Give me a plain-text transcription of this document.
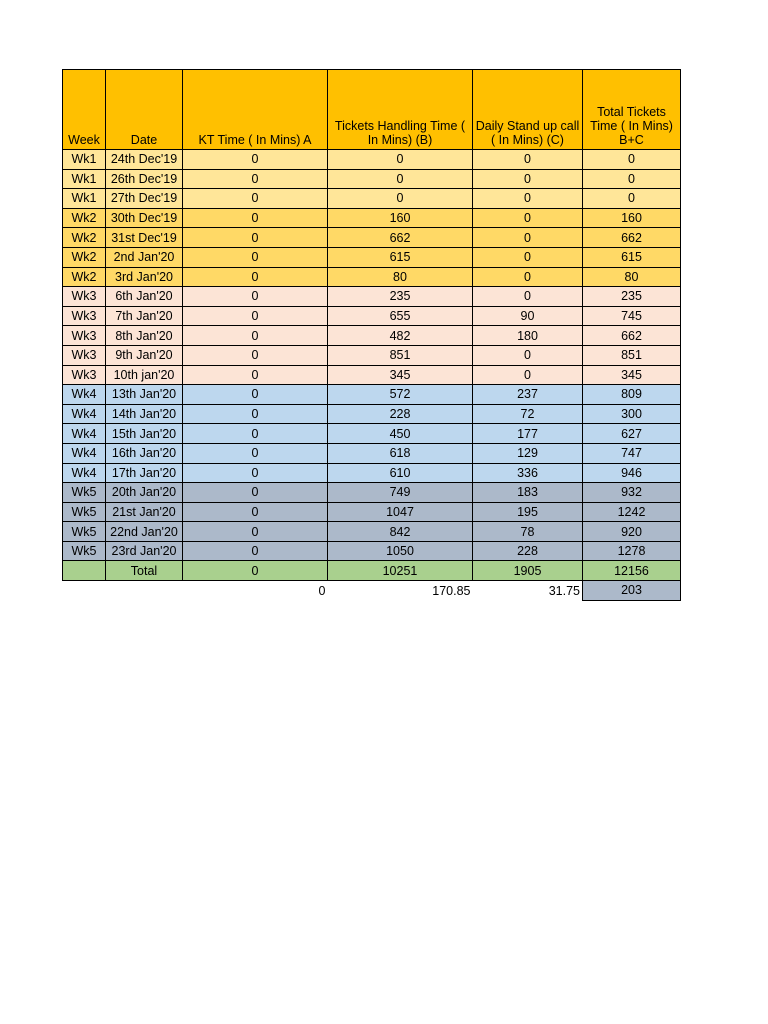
Week	Date	KT Time ( In Mins) A	Tickets Handling Time ( In Mins) (B)	Daily Stand up call ( In Mins) (C)	Total Tickets Time ( In Mins) B+C
Wk1	24th Dec'19	0	0	0	0
Wk1	26th Dec'19	0	0	0	0
Wk1	27th Dec'19	0	0	0	0
Wk2	30th Dec'19	0	160	0	160
Wk2	31st Dec'19	0	662	0	662
Wk2	2nd Jan'20	0	615	0	615
Wk2	3rd Jan'20	0	80	0	80
Wk3	6th Jan'20	0	235	0	235
Wk3	7th Jan'20	0	655	90	745
Wk3	8th Jan'20	0	482	180	662
Wk3	9th Jan'20	0	851	0	851
Wk3	10th jan'20	0	345	0	345
Wk4	13th Jan'20	0	572	237	809
Wk4	14th Jan'20	0	228	72	300
Wk4	15th Jan'20	0	450	177	627
Wk4	16th Jan'20	0	618	129	747
Wk4	17th Jan'20	0	610	336	946
Wk5	20th Jan'20	0	749	183	932
Wk5	21st Jan'20	0	1047	195	1242
Wk5	22nd Jan'20	0	842	78	920
Wk5	23rd Jan'20	0	1050	228	1278
	Total	0	10251	1905	12156
		0	170.85	31.75	203
